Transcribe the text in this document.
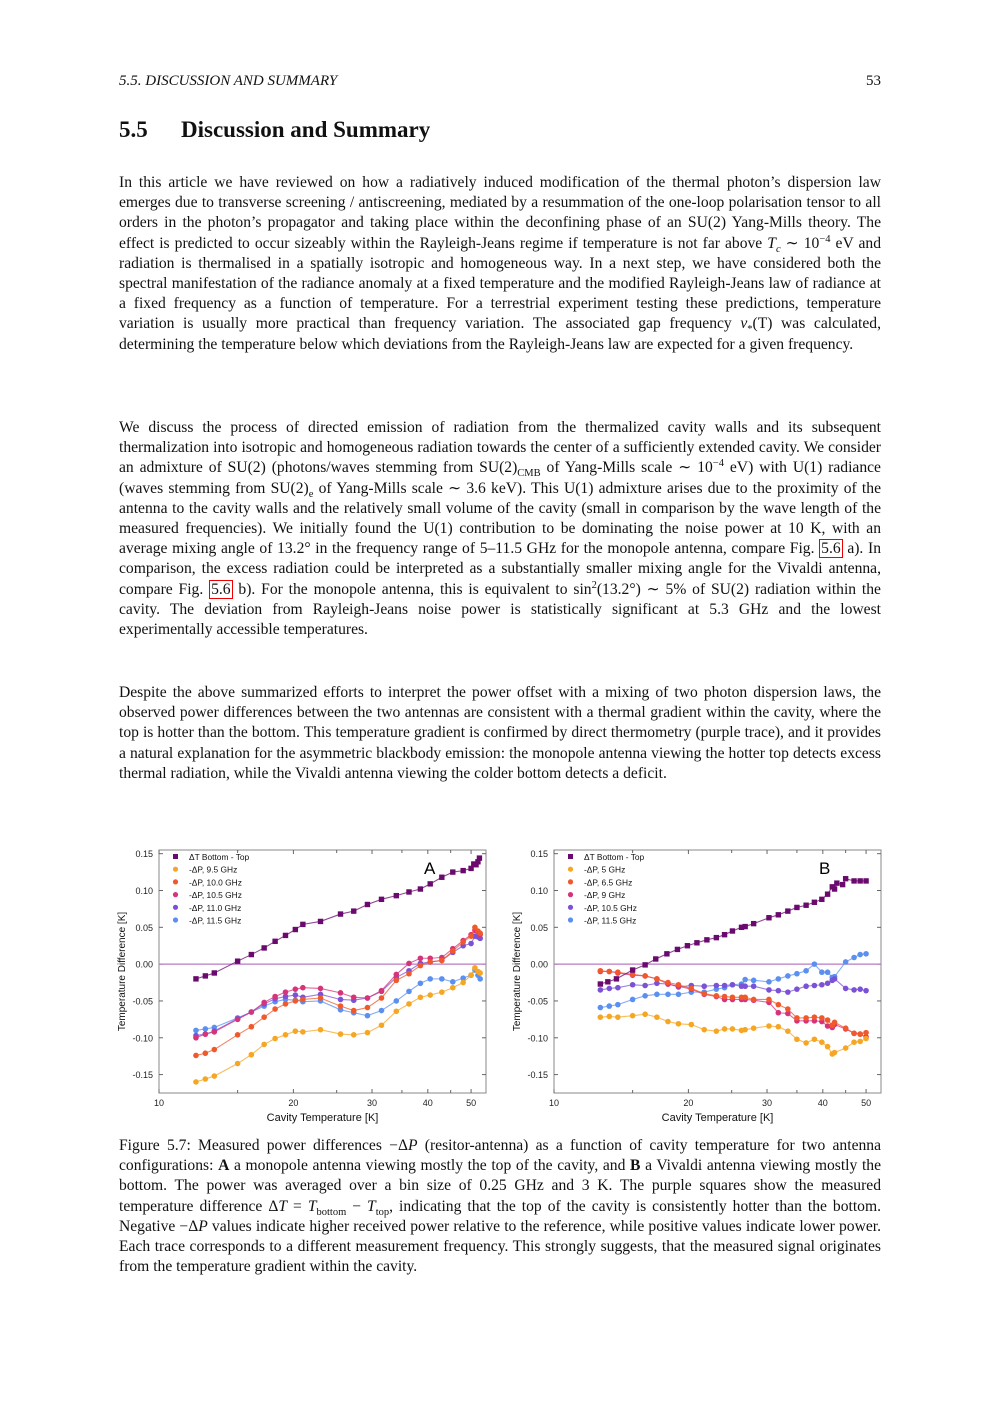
5.5. DISCUSSION AND SUMMARY	53
5.5 Discussion and Summary
In this article we have reviewed on how a radiatively induced modification of the thermal photon’s dispersion law emerges due to transverse screening / antiscreening, mediated by a resummation of the one-loop polarisation tensor to all orders in the photon’s propagator and taking place within the deconfining phase of an SU(2) Yang-Mills theory. The effect is predicted to occur sizeably within the Rayleigh-Jeans regime if temperature is not far above $T_c$ ∼ $10^{-4}$ eV and radiation is thermalised in a spatially isotropic and homogeneous way. In a next step, we have considered both the spectral manifestation of the radiance anomaly at a fixed temperature and the modified Rayleigh-Jeans law of radiance at a fixed frequency as a function of temperature. For a terrestrial experiment testing these predictions, temperature variation is usually more practical than frequency variation. The associated gap frequency $\nu_*(T)$ was calculated, determining the temperature below which deviations from the Rayleigh-Jeans law are expected for a given frequency.
We discuss the process of directed emission of radiation from the thermalized cavity walls and its subsequent thermalization into isotropic and homogeneous radiation towards the center of a sufficiently extended cavity. We consider an admixture of SU(2) (photons/waves stemming from $SU(2)_{CMB}$ of Yang-Mills scale ∼ $10^{-4}$ eV) with U(1) radiance (waves stemming from $SU(2)_e$ of Yang-Mills scale ∼ 3.6 keV). This U(1) admixture arises due to the proximity of the antenna to the cavity walls and the relatively small volume of the cavity (small in comparison by the wave length of the measured frequencies). We initially found the U(1) contribution to be dominating the noise power at 10 K, with an average mixing angle of 13.2° in the frequency range of 5–11.5 GHz for the monopole antenna, compare Fig. 5.6 a). In comparison, the excess radiation could be interpreted as a substantially smaller mixing angle for the Vivaldi antenna, compare Fig. 5.6 b). For the monopole antenna, this is equivalent to $\sin^2(13.2^\circ)$ ∼ 5% of SU(2) radiation within the cavity. The deviation from Rayleigh-Jeans noise power is statistically significant at 5.3 GHz and the lowest experimentally accessible temperatures.
Despite the above summarized efforts to interpret the power offset with a mixing of two photon dispersion laws, the observed power differences between the two antennas are consistent with a thermal gradient within the cavity, where the top is hotter than the bottom. This temperature gradient is confirmed by direct thermometry (purple trace), and it provides a natural explanation for the asymmetric blackbody emission: the monopole antenna viewing the hotter top detects excess thermal radiation, while the Vivaldi antenna viewing the colder bottom detects a deficit.
-0.15
-0.10
-0.05
0.00
0.05
0.10
0.15
10	20	30	40	50
Cavity Temperature [K]
Temperature Difference [K]
A
ΔT Bottom - Top
-ΔP, 9.5 GHz
-ΔP, 10.0 GHz
-ΔP, 10.5 GHz
-ΔP, 11.0 GHz
-ΔP, 11.5 GHz
-0.15
-0.10
-0.05
0.00
0.05
0.10
0.15
10	20	30	40	50
Cavity Temperature [K]
Temperature Difference [K]
B
ΔT Bottom - Top
-ΔP, 5 GHz
-ΔP, 6.5 GHz
-ΔP, 9 GHz
-ΔP, 10.5 GHz
-ΔP, 11.5 GHz
Figure 5.7: Measured power differences −ΔP (resitor-antenna) as a function of cavity temperature for two antenna configurations: A a monopole antenna viewing mostly the top of the cavity, and B a Vivaldi antenna viewing mostly the bottom. The power was averaged over a bin size of 0.25 GHz and 3 K. The purple squares show the measured temperature difference $\Delta T = T_{bottom} - T_{top}$, indicating that the top of the cavity is consistently hotter than the bottom. Negative −ΔP values indicate higher received power relative to the reference, while positive values indicate lower power. Each trace corresponds to a different measurement frequency. This strongly suggests, that the measured signal originates from the temperature gradient within the cavity.
